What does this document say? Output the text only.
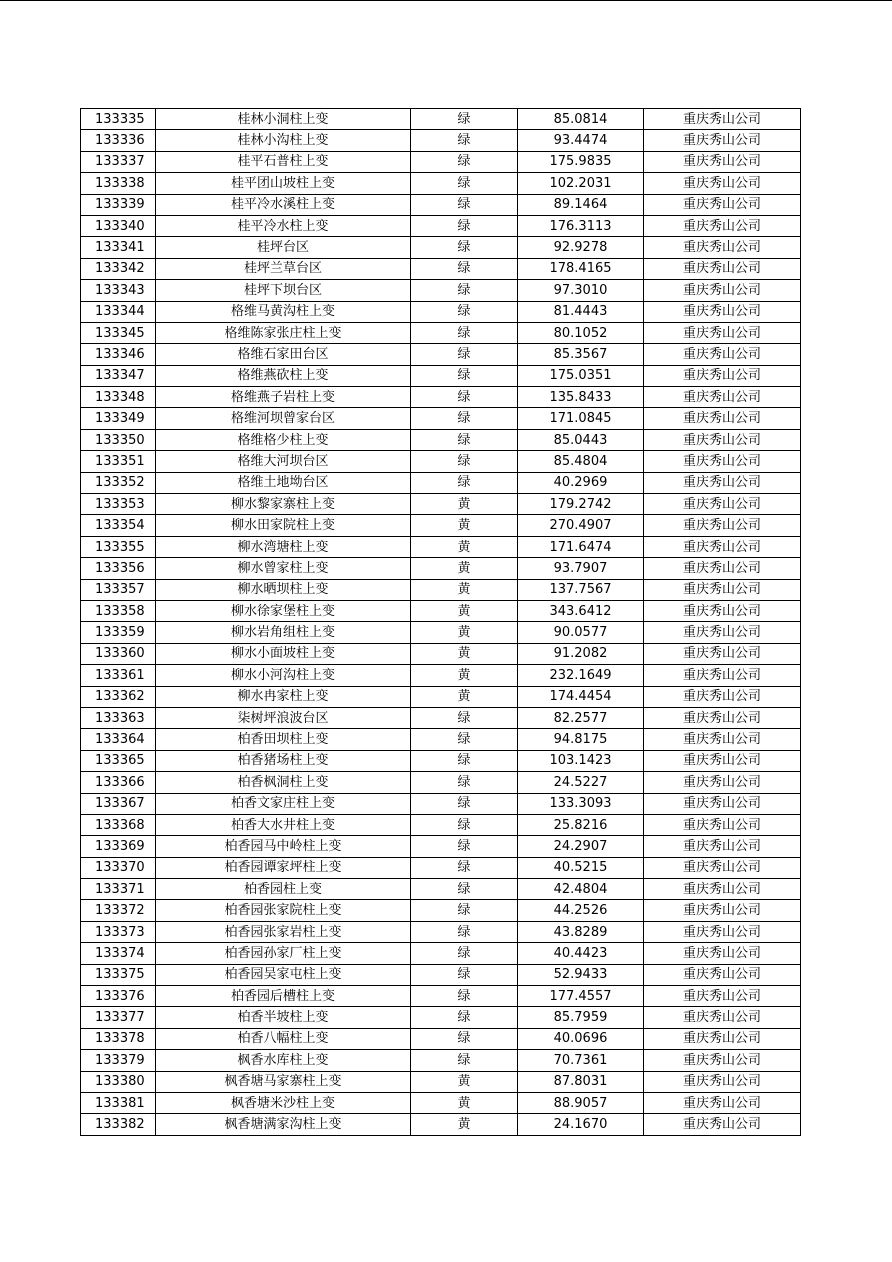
133335	桂林小洞柱上变	绿	85.0814	重庆秀山公司
133336	桂林小沟柱上变	绿	93.4474	重庆秀山公司
133337	桂平石普柱上变	绿	175.9835	重庆秀山公司
133338	桂平团山坡柱上变	绿	102.2031	重庆秀山公司
133339	桂平冷水溪柱上变	绿	89.1464	重庆秀山公司
133340	桂平冷水柱上变	绿	176.3113	重庆秀山公司
133341	桂坪台区	绿	92.9278	重庆秀山公司
133342	桂坪兰草台区	绿	178.4165	重庆秀山公司
133343	桂坪下坝台区	绿	97.3010	重庆秀山公司
133344	格维马黄沟柱上变	绿	81.4443	重庆秀山公司
133345	格维陈家张庄柱上变	绿	80.1052	重庆秀山公司
133346	格维石家田台区	绿	85.3567	重庆秀山公司
133347	格维燕砍柱上变	绿	175.0351	重庆秀山公司
133348	格维燕子岩柱上变	绿	135.8433	重庆秀山公司
133349	格维河坝曾家台区	绿	171.0845	重庆秀山公司
133350	格维格少柱上变	绿	85.0443	重庆秀山公司
133351	格维大河坝台区	绿	85.4804	重庆秀山公司
133352	格维土地坳台区	绿	40.2969	重庆秀山公司
133353	柳水黎家寨柱上变	黄	179.2742	重庆秀山公司
133354	柳水田家院柱上变	黄	270.4907	重庆秀山公司
133355	柳水湾塘柱上变	黄	171.6474	重庆秀山公司
133356	柳水曾家柱上变	黄	93.7907	重庆秀山公司
133357	柳水晒坝柱上变	黄	137.7567	重庆秀山公司
133358	柳水徐家堡柱上变	黄	343.6412	重庆秀山公司
133359	柳水岩角组柱上变	黄	90.0577	重庆秀山公司
133360	柳水小面坡柱上变	黄	91.2082	重庆秀山公司
133361	柳水小河沟柱上变	黄	232.1649	重庆秀山公司
133362	柳水冉家柱上变	黄	174.4454	重庆秀山公司
133363	柒树坪浪波台区	绿	82.2577	重庆秀山公司
133364	柏香田坝柱上变	绿	94.8175	重庆秀山公司
133365	柏香猪场柱上变	绿	103.1423	重庆秀山公司
133366	柏香枫洞柱上变	绿	24.5227	重庆秀山公司
133367	柏香文家庄柱上变	绿	133.3093	重庆秀山公司
133368	柏香大水井柱上变	绿	25.8216	重庆秀山公司
133369	柏香园马中岭柱上变	绿	24.2907	重庆秀山公司
133370	柏香园谭家坪柱上变	绿	40.5215	重庆秀山公司
133371	柏香园柱上变	绿	42.4804	重庆秀山公司
133372	柏香园张家院柱上变	绿	44.2526	重庆秀山公司
133373	柏香园张家岩柱上变	绿	43.8289	重庆秀山公司
133374	柏香园孙家厂柱上变	绿	40.4423	重庆秀山公司
133375	柏香园吴家屯柱上变	绿	52.9433	重庆秀山公司
133376	柏香园后槽柱上变	绿	177.4557	重庆秀山公司
133377	柏香半坡柱上变	绿	85.7959	重庆秀山公司
133378	柏香八幅柱上变	绿	40.0696	重庆秀山公司
133379	枫香水库柱上变	绿	70.7361	重庆秀山公司
133380	枫香塘马家寨柱上变	黄	87.8031	重庆秀山公司
133381	枫香塘米沙柱上变	黄	88.9057	重庆秀山公司
133382	枫香塘满家沟柱上变	黄	24.1670	重庆秀山公司
